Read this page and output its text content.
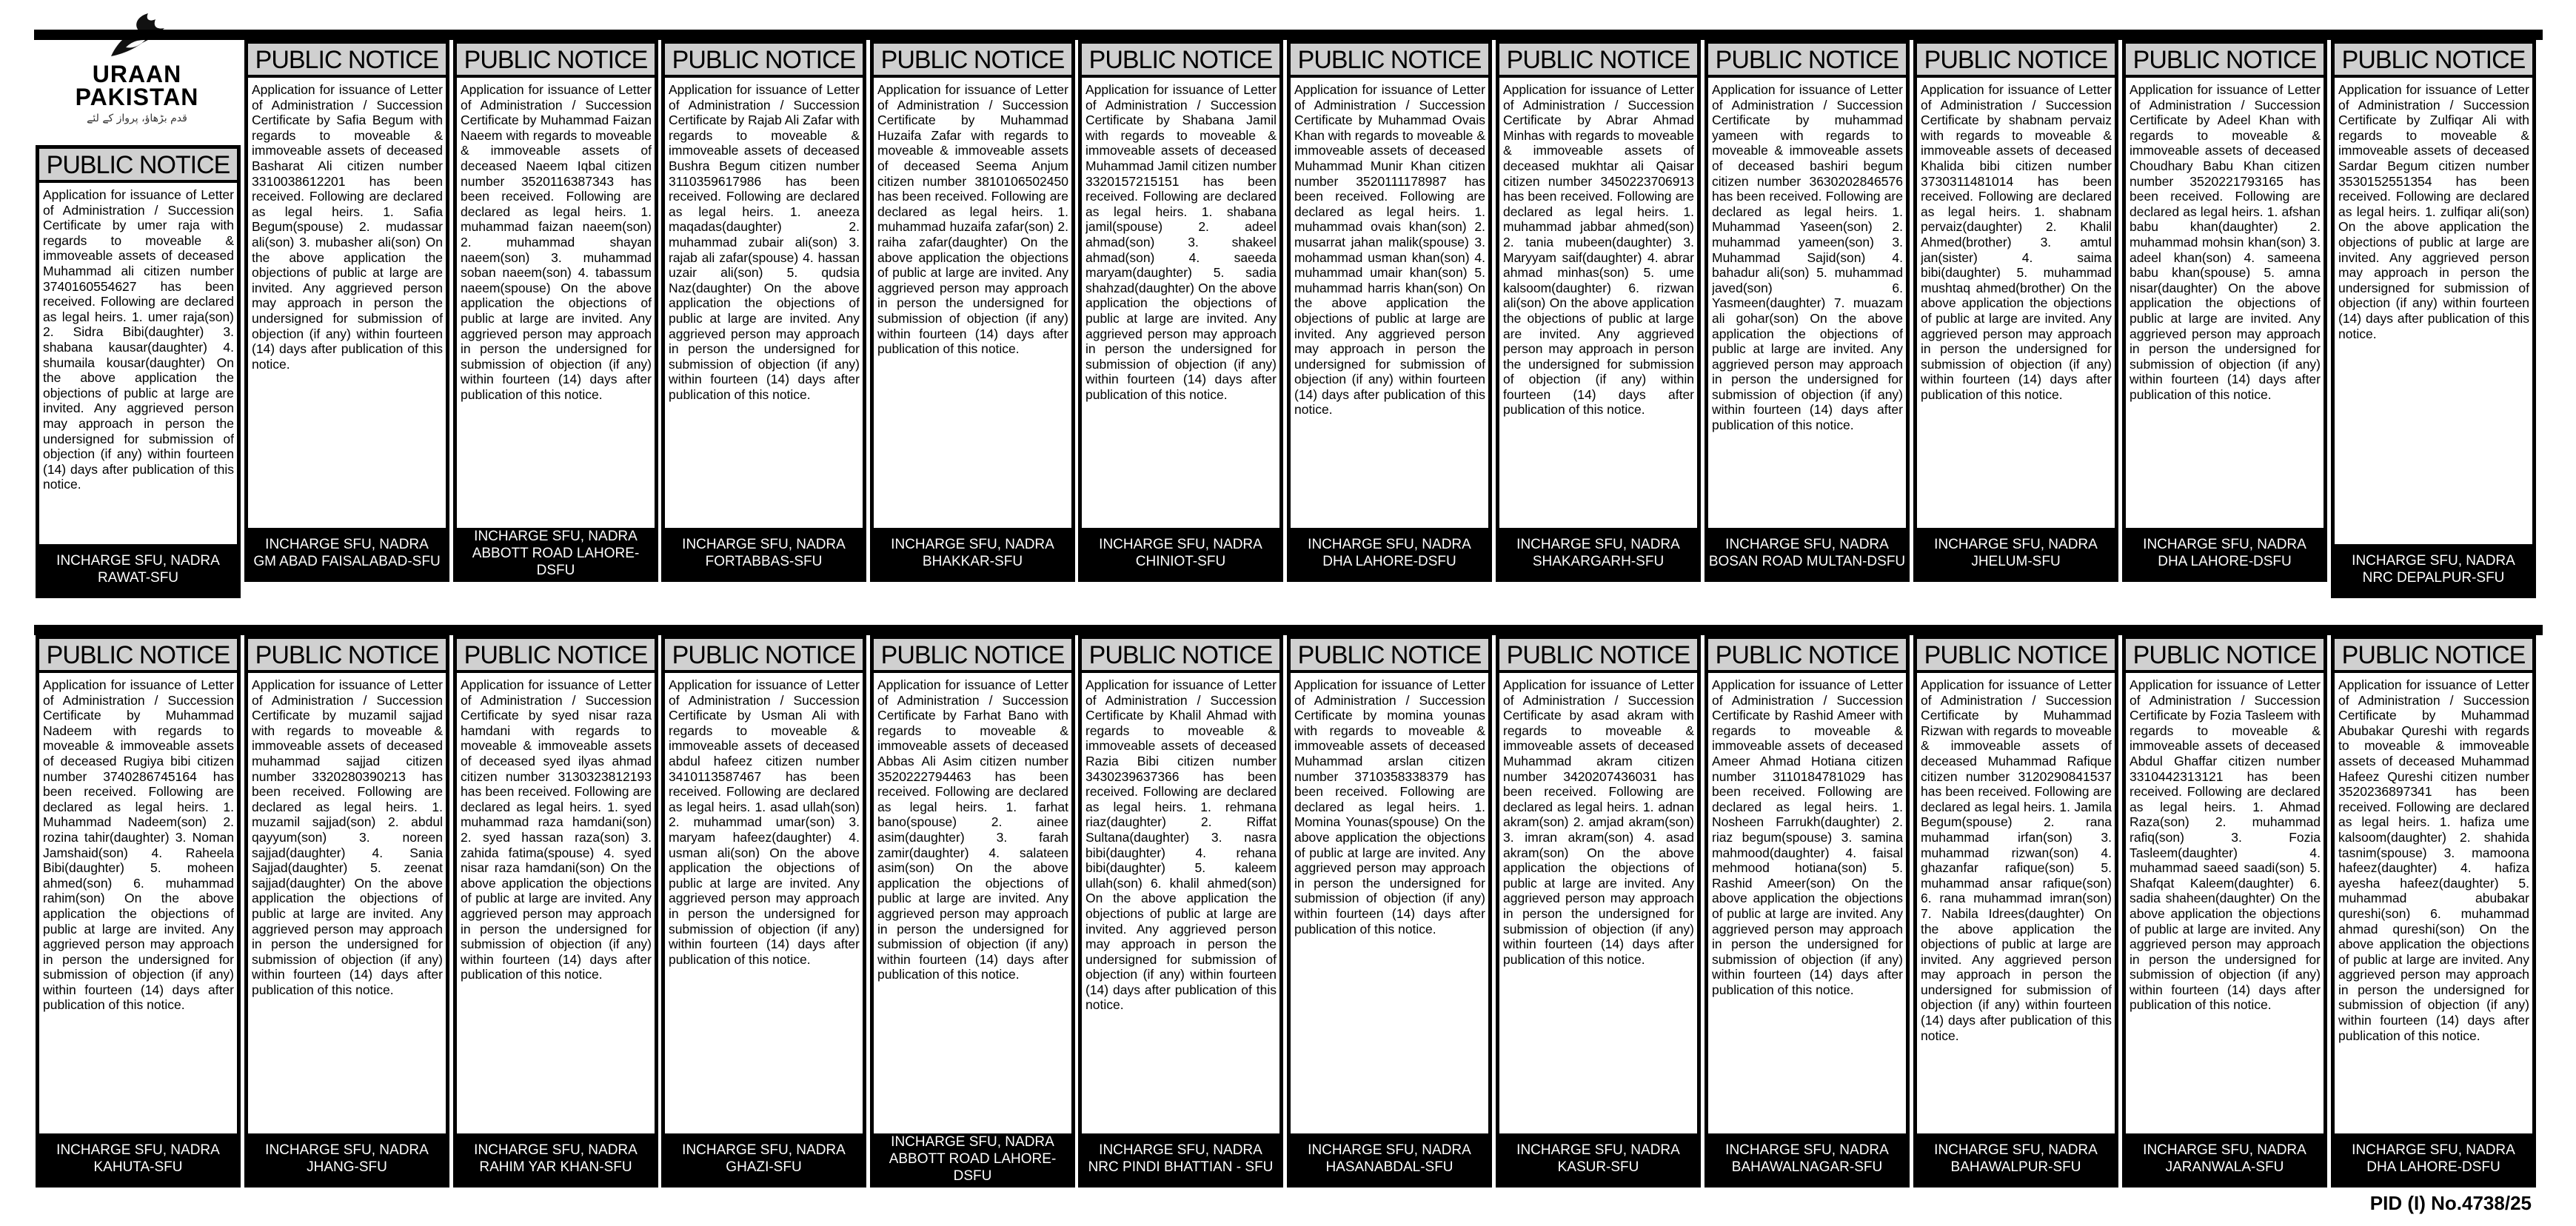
URAAN
PAKISTAN
قدم بڑھاؤ، پرواز کے لئے
PUBLIC NOTICE
Application for issuance of Letter of Administration / Succession Certificate by umer raja with regards to moveable & immoveable assets of deceased Muhammad ali citizen number 3740160554627 has been received. Following are declared as legal heirs. 1. umer raja(son) 2. Sidra Bibi(daughter) 3. shabana kausar(daughter) 4. shumaila kousar(daughter) On the above application the objections of public at large are invited. Any aggrieved person may approach in person the undersigned for submission of objection (if any) within fourteen (14) days after publication of this notice.
INCHARGE SFU, NADRA
RAWAT-SFU
PUBLIC NOTICE
Application for issuance of Letter of Administration / Succession Certificate by Safia Begum with regards to moveable & immoveable assets of deceased Basharat Ali citizen number 3310038612201 has been received. Following are declared as legal heirs. 1. Safia Begum(spouse) 2. mudassar ali(son) 3. mubasher ali(son) On the above application the objections of public at large are invited. Any aggrieved person may approach in person the undersigned for submission of objection (if any) within fourteen (14) days after publication of this notice.
INCHARGE SFU, NADRA
GM ABAD FAISALABAD-SFU
PUBLIC NOTICE
Application for issuance of Letter of Administration / Succession Certificate by Muhammad Faizan Naeem with regards to moveable & immoveable assets of deceased Naeem Iqbal citizen number 3520116387343 has been received. Following are declared as legal heirs. 1. muhammad faizan naeem(son) 2. muhammad shayan naeem(son) 3. muhammad soban naeem(son) 4. tabassum naeem(spouse) On the above application the objections of public at large are invited. Any aggrieved person may approach in person the undersigned for submission of objection (if any) within fourteen (14) days after publication of this notice.
INCHARGE SFU, NADRA
ABBOTT ROAD LAHORE-DSFU
PUBLIC NOTICE
Application for issuance of Letter of Administration / Succession Certificate by Rajab Ali Zafar with regards to moveable & immoveable assets of deceased Bushra Begum citizen number 3110359617986 has been received. Following are declared as legal heirs. 1. aneeza maqadas(daughter) 2. muhammad zubair ali(son) 3. rajab ali zafar(spouse) 4. hassan uzair ali(son) 5. qudsia Naz(daughter) On the above application the objections of public at large are invited. Any aggrieved person may approach in person the undersigned for submission of objection (if any) within fourteen (14) days after publication of this notice.
INCHARGE SFU, NADRA
FORTABBAS-SFU
PUBLIC NOTICE
Application for issuance of Letter of Administration / Succession Certificate by Muhammad Huzaifa Zafar with regards to moveable & immoveable assets of deceased Seema Anjum citizen number 3810106502450 has been received. Following are declared as legal heirs. 1. muhammad huzaifa zafar(son) 2. raiha zafar(daughter) On the above application the objections of public at large are invited. Any aggrieved person may approach in person the undersigned for submission of objection (if any) within fourteen (14) days after publication of this notice.
INCHARGE SFU, NADRA
BHAKKAR-SFU
PUBLIC NOTICE
Application for issuance of Letter of Administration / Succession Certificate by Shabana Jamil with regards to moveable & immoveable assets of deceased Muhammad Jamil citizen number 3320157215151 has been received. Following are declared as legal heirs. 1. shabana jamil(spouse) 2. adeel ahmad(son) 3. shakeel ahmad(son) 4. saeeda maryam(daughter) 5. sadia shahzad(daughter) On the above application the objections of public at large are invited. Any aggrieved person may approach in person the undersigned for submission of objection (if any) within fourteen (14) days after publication of this notice.
INCHARGE SFU, NADRA
CHINIOT-SFU
PUBLIC NOTICE
Application for issuance of Letter of Administration / Succession Certificate by Muhammad Ovais Khan with regards to moveable & immoveable assets of deceased Muhammad Munir Khan citizen number 3520111178987 has been received. Following are declared as legal heirs. 1. muhammad ovais khan(son) 2. musarrat jahan malik(spouse) 3. mohammad usman khan(son) 4. muhammad umair khan(son) 5. muhammad harris khan(son) On the above application the objections of public at large are invited. Any aggrieved person may approach in person the undersigned for submission of objection (if any) within fourteen (14) days after publication of this notice.
INCHARGE SFU, NADRA
DHA LAHORE-DSFU
PUBLIC NOTICE
Application for issuance of Letter of Administration / Succession Certificate by Abrar Ahmad Minhas with regards to moveable & immoveable assets of deceased mukhtar ali Qaisar citizen number 3450223706913 has been received. Following are declared as legal heirs. 1. muhammad jabbar ahmed(son) 2. tania mubeen(daughter) 3. Maryyam saif(daughter) 4. abrar ahmad minhas(son) 5. ume kalsoom(daughter) 6. rizwan ali(son) On the above application the objections of public at large are invited. Any aggrieved person may approach in person the undersigned for submission of objection (if any) within fourteen (14) days after publication of this notice.
INCHARGE SFU, NADRA
SHAKARGARH-SFU
PUBLIC NOTICE
Application for issuance of Letter of Administration / Succession Certificate by muhammad yameen with regards to moveable & immoveable assets of deceased bashiri begum citizen number 3630202846576 has been received. Following are declared as legal heirs. 1. Muhammad Yaseen(son) 2. muhammad yameen(son) 3. Muhammad Sajid(son) 4. bahadur ali(son) 5. muhammad javed(son) 6. Yasmeen(daughter) 7. muazam ali gohar(son) On the above application the objections of public at large are invited. Any aggrieved person may approach in person the undersigned for submission of objection (if any) within fourteen (14) days after publication of this notice.
INCHARGE SFU, NADRA
BOSAN ROAD MULTAN-DSFU
PUBLIC NOTICE
Application for issuance of Letter of Administration / Succession Certificate by shabnam pervaiz with regards to moveable & immoveable assets of deceased Khalida bibi citizen number 3730311481014 has been received. Following are declared as legal heirs. 1. shabnam pervaiz(daughter) 2. Khalil Ahmed(brother) 3. amtul jan(sister) 4. saima bibi(daughter) 5. muhammad mushtaq ahmed(brother) On the above application the objections of public at large are invited. Any aggrieved person may approach in person the undersigned for submission of objection (if any) within fourteen (14) days after publication of this notice.
INCHARGE SFU, NADRA
JHELUM-SFU
PUBLIC NOTICE
Application for issuance of Letter of Administration / Succession Certificate by Adeel Khan with regards to moveable & immoveable assets of deceased Choudhary Babu Khan citizen number 3520221793165 has been received. Following are declared as legal heirs. 1. afshan babu khan(daughter) 2. muhammad mohsin khan(son) 3. adeel khan(son) 4. sameena babu khan(spouse) 5. amna nisar(daughter) On the above application the objections of public at large are invited. Any aggrieved person may approach in person the undersigned for submission of objection (if any) within fourteen (14) days after publication of this notice.
INCHARGE SFU, NADRA
DHA LAHORE-DSFU
PUBLIC NOTICE
Application for issuance of Letter of Administration / Succession Certificate by Zulfiqar Ali with regards to moveable & immoveable assets of deceased Sardar Begum citizen number 3530152551354 has been received. Following are declared as legal heirs. 1. zulfiqar ali(son) On the above application the objections of public at large are invited. Any aggrieved person may approach in person the undersigned for submission of objection (if any) within fourteen (14) days after publication of this notice.
INCHARGE SFU, NADRA
NRC DEPALPUR-SFU
PUBLIC NOTICE
Application for issuance of Letter of Administration / Succession Certificate by Muhammad Nadeem with regards to moveable & immoveable assets of deceased Rugiya bibi citizen number 3740286745164 has been received. Following are declared as legal heirs. 1. Muhammad Nadeem(son) 2. rozina tahir(daughter) 3. Noman Jamshaid(son) 4. Raheela Bibi(daughter) 5. moheen ahmed(son) 6. muhammad rahim(son) On the above application the objections of public at large are invited. Any aggrieved person may approach in person the undersigned for submission of objection (if any) within fourteen (14) days after publication of this notice.
INCHARGE SFU, NADRA
KAHUTA-SFU
PUBLIC NOTICE
Application for issuance of Letter of Administration / Succession Certificate by muzamil sajjad with regards to moveable & immoveable assets of deceased muhammad sajjad citizen number 3320280390213 has been received. Following are declared as legal heirs. 1. muzamil sajjad(son) 2. abdul qayyum(son) 3. noreen sajjad(daughter) 4. Sania Sajjad(daughter) 5. zeenat sajjad(daughter) On the above application the objections of public at large are invited. Any aggrieved person may approach in person the undersigned for submission of objection (if any) within fourteen (14) days after publication of this notice.
INCHARGE SFU, NADRA
JHANG-SFU
PUBLIC NOTICE
Application for issuance of Letter of Administration / Succession Certificate by syed nisar raza hamdani with regards to moveable & immoveable assets of deceased syed ilyas ahmad citizen number 3130323812193 has been received. Following are declared as legal heirs. 1. syed muhammad raza hamdani(son) 2. syed hassan raza(son) 3. zahida fatima(spouse) 4. syed nisar raza hamdani(son) On the above application the objections of public at large are invited. Any aggrieved person may approach in person the undersigned for submission of objection (if any) within fourteen (14) days after publication of this notice.
INCHARGE SFU, NADRA
RAHIM YAR KHAN-SFU
PUBLIC NOTICE
Application for issuance of Letter of Administration / Succession Certificate by Usman Ali with regards to moveable & immoveable assets of deceased abdul hafeez citizen number 3410113587467 has been received. Following are declared as legal heirs. 1. asad ullah(son) 2. muhammad umar(son) 3. maryam hafeez(daughter) 4. usman ali(son) On the above application the objections of public at large are invited. Any aggrieved person may approach in person the undersigned for submission of objection (if any) within fourteen (14) days after publication of this notice.
INCHARGE SFU, NADRA
GHAZI-SFU
PUBLIC NOTICE
Application for issuance of Letter of Administration / Succession Certificate by Farhat Bano with regards to moveable & immoveable assets of deceased Abbas Ali Asim citizen number 3520222794463 has been received. Following are declared as legal heirs. 1. farhat bano(spouse) 2. ainee asim(daughter) 3. farah zamir(daughter) 4. salateen asim(son) On the above application the objections of public at large are invited. Any aggrieved person may approach in person the undersigned for submission of objection (if any) within fourteen (14) days after publication of this notice.
INCHARGE SFU, NADRA
ABBOTT ROAD LAHORE-DSFU
PUBLIC NOTICE
Application for issuance of Letter of Administration / Succession Certificate by Khalil Ahmad with regards to moveable & immoveable assets of deceased Razia Bibi citizen number 3430239637366 has been received. Following are declared as legal heirs. 1. rehmana riaz(daughter) 2. Riffat Sultana(daughter) 3. nasra bibi(daughter) 4. rehana bibi(daughter) 5. kaleem ullah(son) 6. khalil ahmed(son) On the above application the objections of public at large are invited. Any aggrieved person may approach in person the undersigned for submission of objection (if any) within fourteen (14) days after publication of this notice.
INCHARGE SFU, NADRA
NRC PINDI BHATTIAN - SFU
PUBLIC NOTICE
Application for issuance of Letter of Administration / Succession Certificate by momina younas with regards to moveable & immoveable assets of deceased Muhammad arslan citizen number 3710358338379 has been received. Following are declared as legal heirs. 1. Momina Younas(spouse) On the above application the objections of public at large are invited. Any aggrieved person may approach in person the undersigned for submission of objection (if any) within fourteen (14) days after publication of this notice.
INCHARGE SFU, NADRA
HASANABDAL-SFU
PUBLIC NOTICE
Application for issuance of Letter of Administration / Succession Certificate by asad akram with regards to moveable & immoveable assets of deceased Muhammad akram citizen number 3420207436031 has been received. Following are declared as legal heirs. 1. adnan akram(son) 2. amjad akram(son) 3. imran akram(son) 4. asad akram(son) On the above application the objections of public at large are invited. Any aggrieved person may approach in person the undersigned for submission of objection (if any) within fourteen (14) days after publication of this notice.
INCHARGE SFU, NADRA
KASUR-SFU
PUBLIC NOTICE
Application for issuance of Letter of Administration / Succession Certificate by Rashid Ameer with regards to moveable & immoveable assets of deceased Ameer Ahmad Hotiana citizen number 3110184781029 has been received. Following are declared as legal heirs. 1. Nosheen Farrukh(daughter) 2. riaz begum(spouse) 3. samina mahmood(daughter) 4. faisal mehmood hotiana(son) 5. Rashid Ameer(son) On the above application the objections of public at large are invited. Any aggrieved person may approach in person the undersigned for submission of objection (if any) within fourteen (14) days after publication of this notice.
INCHARGE SFU, NADRA
BAHAWALNAGAR-SFU
PUBLIC NOTICE
Application for issuance of Letter of Administration / Succession Certificate by Muhammad Rizwan with regards to moveable & immoveable assets of deceased Muhammad Rafique citizen number 3120290841537 has been received. Following are declared as legal heirs. 1. Jamila Begum(spouse) 2. rana muhammad irfan(son) 3. muhammad rizwan(son) 4. ghazanfar rafique(son) 5. muhammad ansar rafique(son) 6. rana muhammad imran(son) 7. Nabila Idrees(daughter) On the above application the objections of public at large are invited. Any aggrieved person may approach in person the undersigned for submission of objection (if any) within fourteen (14) days after publication of this notice.
INCHARGE SFU, NADRA
BAHAWALPUR-SFU
PUBLIC NOTICE
Application for issuance of Letter of Administration / Succession Certificate by Fozia Tasleem with regards to moveable & immoveable assets of deceased Abdul Ghaffar citizen number 3310442313121 has been received. Following are declared as legal heirs. 1. Ahmad Raza(son) 2. muhammad rafiq(son) 3. Fozia Tasleem(daughter) 4. muhammad saeed saadi(son) 5. Shafqat Kaleem(daughter) 6. sadia shaheen(daughter) On the above application the objections of public at large are invited. Any aggrieved person may approach in person the undersigned for submission of objection (if any) within fourteen (14) days after publication of this notice.
INCHARGE SFU, NADRA
JARANWALA-SFU
PUBLIC NOTICE
Application for issuance of Letter of Administration / Succession Certificate by Muhammad Abubakar Qureshi with regards to moveable & immoveable assets of deceased Muhammad Hafeez Qureshi citizen number 3520236897341 has been received. Following are declared as legal heirs. 1. hafiza ume kalsoom(daughter) 2. shahida tasnim(spouse) 3. mamoona hafeez(daughter) 4. hafiza ayesha hafeez(daughter) 5. muhammad abubakar qureshi(son) 6. muhammad ahmad qureshi(son) On the above application the objections of public at large are invited. Any aggrieved person may approach in person the undersigned for submission of objection (if any) within fourteen (14) days after publication of this notice.
INCHARGE SFU, NADRA
DHA LAHORE-DSFU
PID (I) No.4738/25
